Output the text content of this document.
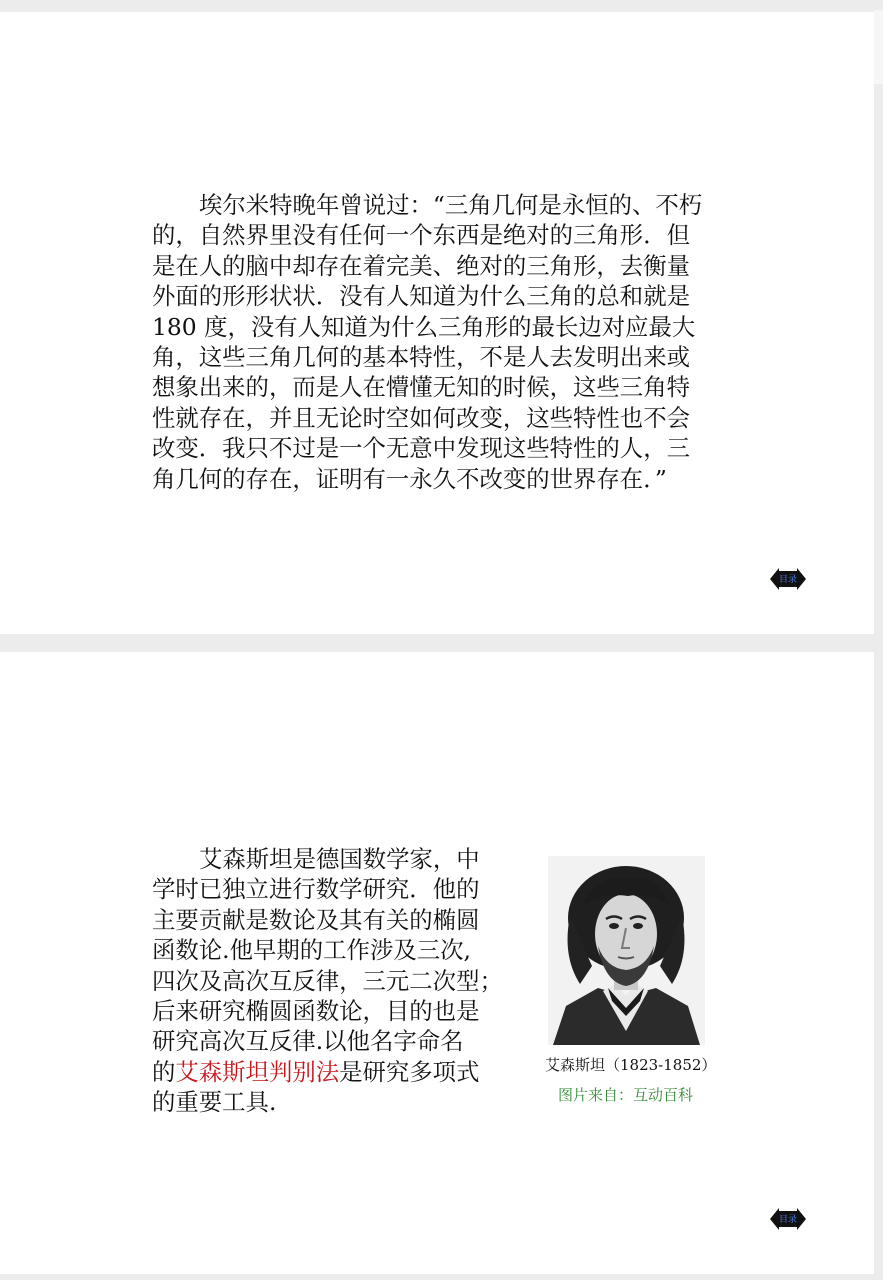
埃尔米特晚年曾说过：“三角几何是永恒的、不朽
的，自然界里没有任何一个东西是绝对的三角形．但
是在人的脑中却存在着完美、绝对的三角形，去衡量
外面的形形状状．没有人知道为什么三角的总和就是
180 度，没有人知道为什么三角形的最长边对应最大
角，这些三角几何的基本特性，不是人去发明出来或
想象出来的，而是人在懵懂无知的时候，这些三角特
性就存在，并且无论时空如何改变，这些特性也不会
改变．我只不过是一个无意中发现这些特性的人，三
角几何的存在，证明有一永久不改变的世界存在．”
目录
艾森斯坦是德国数学家，中
学时已独立进行数学研究．他的
主要贡献是数论及其有关的椭圆
函数论.他早期的工作涉及三次,
四次及高次互反律，三元二次型；
后来研究椭圆函数论，目的也是
研究高次互反律.以他名字命名
的艾森斯坦判别法是研究多项式
的重要工具.
艾森斯坦（1823-1852）
图片来自：互动百科
目录
